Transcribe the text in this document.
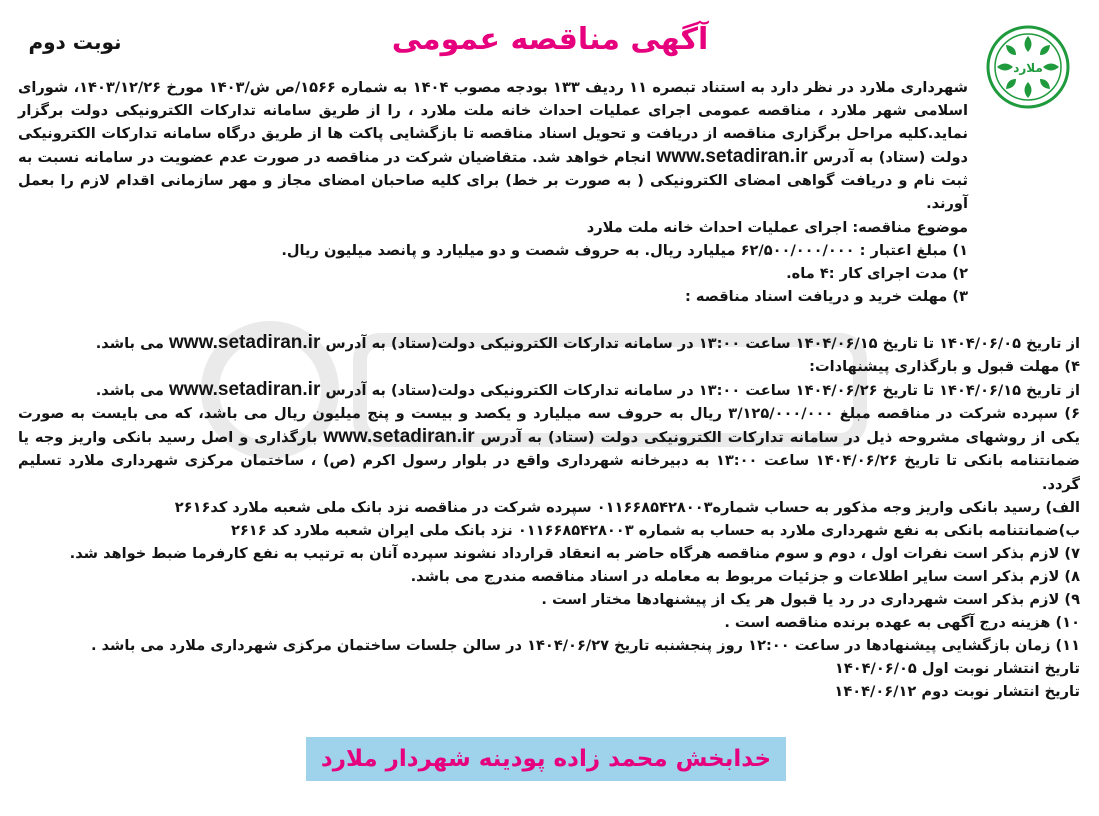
نوبت دوم	آگهی مناقصه عمومی
ملارد

شهرداری ملارد در نظر دارد به استناد تبصره ۱۱ ردیف ۱۳۳ بودجه مصوب ۱۴۰۴ به شماره ۱۵۶۶/ص ش/۱۴۰۳ مورخ ۱۴۰۳/۱۲/۲۶، شورای اسلامی شهر ملارد ، مناقصه عمومی اجرای عملیات احداث خانه ملت ملارد ، را از طریق سامانه تدارکات الکترونیکی دولت برگزار نماید.کلیه مراحل برگزاری مناقصه از دریافت و تحویل اسناد مناقصه تا بازگشایی پاکت ها از طریق درگاه سامانه تدارکات الکترونیکی دولت (ستاد) به آدرس www.setadiran.ir انجام خواهد شد. متقاضیان شرکت در مناقصه در صورت عدم عضویت در سامانه نسبت به ثبت نام و دریافت گواهی امضای الکترونیکی ( به صورت بر خط) برای کلیه صاحبان امضای مجاز و مهر سازمانی اقدام لازم را بعمل آورند.

موضوع مناقصه: اجرای عملیات احداث خانه ملت ملارد

۱) مبلغ اعتبار : ۶۲/۵۰۰/۰۰۰/۰۰۰ میلیارد ریال. به حروف شصت و دو میلیارد و پانصد میلیون ریال.

۲) مدت اجرای کار :۴ ماه.

۳) مهلت خرید و دریافت اسناد مناقصه :

از تاریخ ۱۴۰۴/۰۶/۰۵ تا تاریخ ۱۴۰۴/۰۶/۱۵ ساعت ۱۳:۰۰ در سامانه تدارکات الکترونیکی دولت(ستاد) به آدرس www.setadiran.ir می باشد.

۴) مهلت قبول و بارگذاری پیشنهادات:

از تاریخ ۱۴۰۴/۰۶/۱۵ تا تاریخ ۱۴۰۴/۰۶/۲۶ ساعت ۱۳:۰۰ در سامانه تدارکات الکترونیکی دولت(ستاد) به آدرس www.setadiran.ir می باشد.

۶) سپرده شرکت در مناقصه مبلغ ۳/۱۲۵/۰۰۰/۰۰۰ ریال به حروف سه میلیارد و یکصد و بیست و پنج میلیون ریال می باشد، که می بایست به صورت یکی از روشهای مشروحه ذیل در سامانه تدارکات الکترونیکی دولت (ستاد) به آدرس www.setadiran.ir بارگذاری و اصل رسید بانکی واریز وجه یا ضمانتنامه بانکی تا تاریخ ۱۴۰۴/۰۶/۲۶ ساعت ۱۳:۰۰ به دبیرخانه شهرداری واقع در بلوار رسول اکرم (ص) ، ساختمان مرکزی شهرداری ملارد تسلیم گردد.

الف) رسید بانکی واریز وجه مذکور به حساب شماره۰۱۱۶۶۸۵۴۲۸۰۰۳ سپرده شرکت در مناقصه نزد بانک ملی شعبه ملارد کد۲۶۱۶

ب)ضمانتنامه بانکی به نفع شهرداری ملارد به حساب به شماره ۰۱۱۶۶۸۵۴۲۸۰۰۳ نزد بانک ملی ایران شعبه ملارد کد ۲۶۱۶

۷) لازم بذکر است نفرات اول ، دوم و سوم مناقصه هرگاه حاضر به انعقاد قرارداد نشوند سپرده آنان به ترتیب به نفع کارفرما ضبط خواهد شد.

۸) لازم بذکر است سایر اطلاعات و جزئیات مربوط به معامله در اسناد مناقصه مندرج می باشد.

۹) لازم بذکر است شهرداری در رد یا قبول هر یک از پیشنهادها مختار است .

۱۰) هزینه درج آگهی به عهده برنده مناقصه است .

۱۱) زمان بازگشایی پیشنهادها در ساعت ۱۲:۰۰ روز پنجشنبه تاریخ ۱۴۰۴/۰۶/۲۷ در سالن جلسات ساختمان مرکزی شهرداری ملارد می باشد .

تاریخ انتشار نوبت اول ۱۴۰۴/۰۶/۰۵

تاریخ انتشار نوبت دوم ۱۴۰۴/۰۶/۱۲

خدابخش محمد زاده پودینه شهردار ملارد
